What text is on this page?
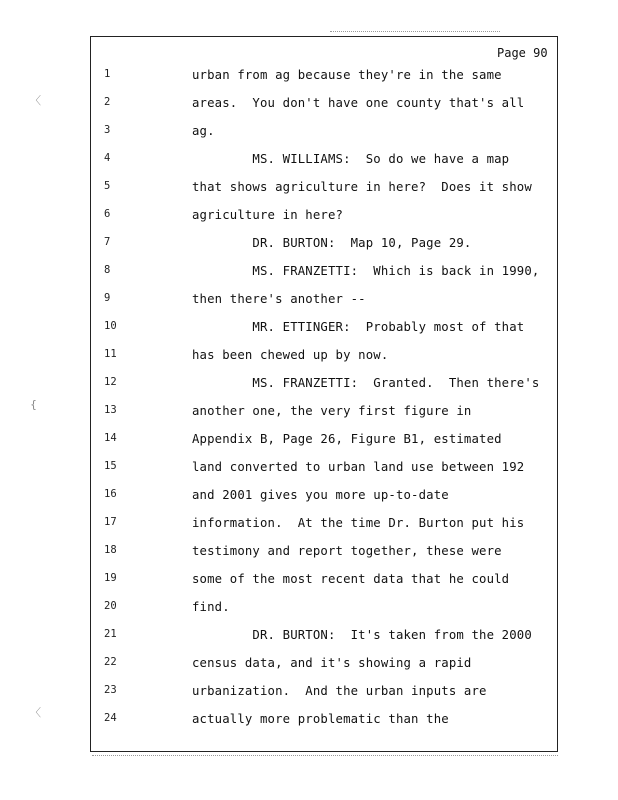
Page 90
〈
{
〈
1	urban from ag because they're in the same
2	areas.  You don't have one county that's all
3	ag.
4	MS. WILLIAMS:  So do we have a map
5	that shows agriculture in here?  Does it show
6	agriculture in here?
7	DR. BURTON:  Map 10, Page 29.
8	MS. FRANZETTI:  Which is back in 1990,
9	then there's another --
10	MR. ETTINGER:  Probably most of that
11	has been chewed up by now.
12	MS. FRANZETTI:  Granted.  Then there's
13	another one, the very first figure in
14	Appendix B, Page 26, Figure B1, estimated
15	land converted to urban land use between 192
16	and 2001 gives you more up-to-date
17	information.  At the time Dr. Burton put his
18	testimony and report together, these were
19	some of the most recent data that he could
20	find.
21	DR. BURTON:  It's taken from the 2000
22	census data, and it's showing a rapid
23	urbanization.  And the urban inputs are
24	actually more problematic than the
